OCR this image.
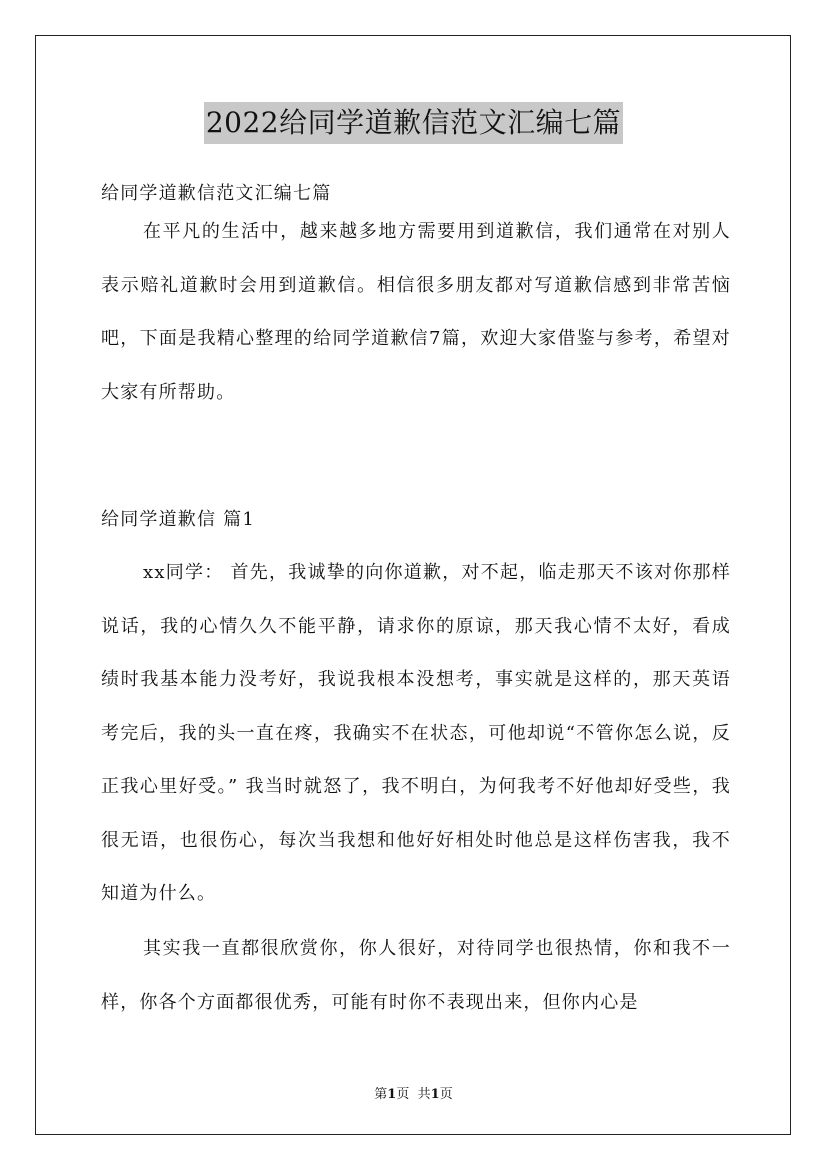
2022给同学道歉信范文汇编七篇
给同学道歉信范文汇编七篇
在平凡的生活中，越来越多地方需要用到道歉信，我们通常在对别人表示赔礼道歉时会用到道歉信。相信很多朋友都对写道歉信感到非常苦恼吧，下面是我精心整理的给同学道歉信7篇，欢迎大家借鉴与参考，希望对大家有所帮助。
给同学道歉信 篇1
xx同学： 首先，我诚挚的向你道歉，对不起，临走那天不该对你那样说话，我的心情久久不能平静，请求你的原谅，那天我心情不太好，看成绩时我基本能力没考好，我说我根本没想考，事实就是这样的，那天英语考完后，我的头一直在疼，我确实不在状态，可他却说“不管你怎么说，反正我心里好受。” 我当时就怒了，我不明白，为何我考不好他却好受些，我很无语，也很伤心，每次当我想和他好好相处时他总是这样伤害我，我不知道为什么。
其实我一直都很欣赏你，你人很好，对待同学也很热情，你和我不一样，你各个方面都很优秀，可能有时你不表现出来，但你内心是
第1页 共1页
